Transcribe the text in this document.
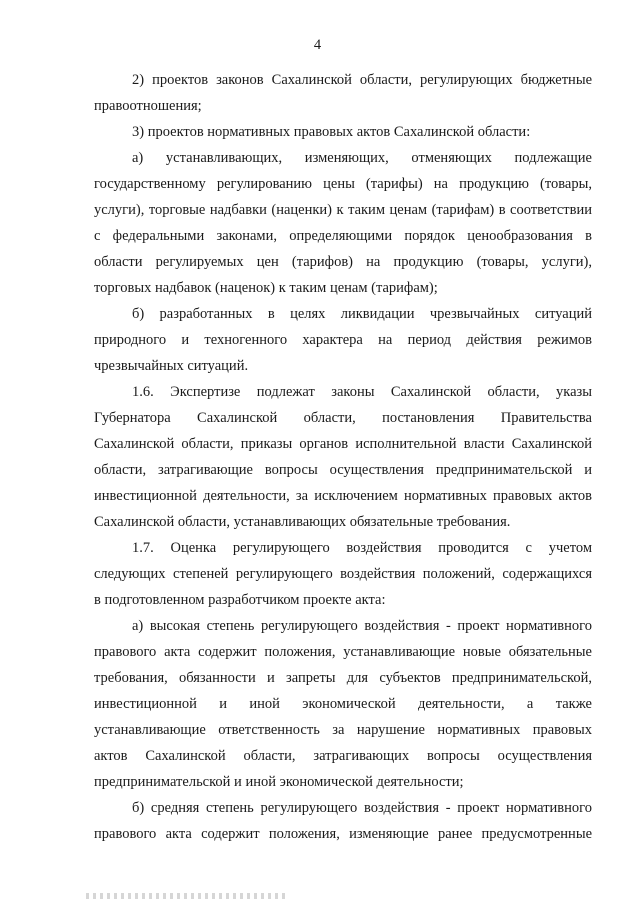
4

2) проектов законов Сахалинской области, регулирующих бюджетные

правоотношения;

3) проектов нормативных правовых актов Сахалинской области:

а) устанавливающих, изменяющих, отменяющих подлежащие

государственному регулированию цены (тарифы) на продукцию (товары,

услуги), торговые надбавки (наценки) к таким ценам (тарифам) в соответствии

с федеральными законами, определяющими порядок ценообразования в

области регулируемых цен (тарифов) на продукцию (товары, услуги),

торговых надбавок (наценок) к таким ценам (тарифам);

б) разработанных в целях ликвидации чрезвычайных ситуаций

природного и техногенного характера на период действия режимов

чрезвычайных ситуаций.

1.6. Экспертизе подлежат законы Сахалинской области, указы

Губернатора Сахалинской области, постановления Правительства

Сахалинской области, приказы органов исполнительной власти Сахалинской

области, затрагивающие вопросы осуществления предпринимательской и

инвестиционной деятельности, за исключением нормативных правовых актов

Сахалинской области, устанавливающих обязательные требования.

1.7. Оценка регулирующего воздействия проводится с учетом

следующих степеней регулирующего воздействия положений, содержащихся

в подготовленном разработчиком проекте акта:

а) высокая степень регулирующего воздействия - проект нормативного

правового акта содержит положения, устанавливающие новые обязательные

требования, обязанности и запреты для субъектов предпринимательской,

инвестиционной и иной экономической деятельности, а также

устанавливающие ответственность за нарушение нормативных правовых

актов Сахалинской области, затрагивающих вопросы осуществления

предпринимательской и иной экономической деятельности;

б) средняя степень регулирующего воздействия - проект нормативного

правового акта содержит положения, изменяющие ранее предусмотренные
